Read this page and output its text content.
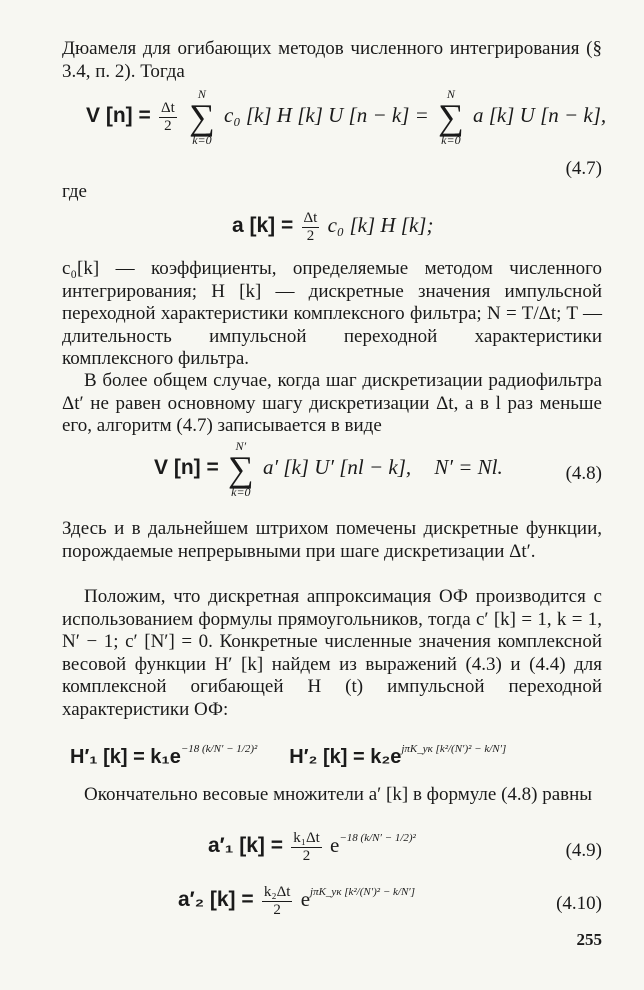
Дюамеля для огибающих методов численного интегрирования (§ 3.4, п. 2). Тогда

V $[n] = \frac{\Delta t}{2}$

N
∑
k=0
c₀ [k] H [k] U [n − k] =
N
∑
k=0
a [k] U [n − k],
(4.7)
где
a $[k] = \frac{\Delta t}{2} c_0$ [k] H [k];

c₀[k] — коэффициенты, определяемые методом численного интегрирования; H [k] — дискретные значения импульсной переходной характеристики комплексного фильтра; N = T/Δt; T — длительность импульсной переходной характеристики комплексного фильтра.

В более общем случае, когда шаг дискретизации радиофильтра Δt′ не равен основному шагу дискретизации Δt, а в l раз меньше его, алгоритм (4.7) записывается в виде

V [n] =
N′
∑
k=0
a′ [k] U′ [nl − k], N′ = Nl.	(4.8)

Здесь и в дальнейшем штрихом помечены дискретные функции, порождаемые непрерывными при шаге дискретизации Δt′.

Положим, что дискретная аппроксимация ОФ производится с использованием формулы прямоугольников, тогда c′ [k] = 1, k = 1, N′ − 1; c′ [N′] = 0. Конкретные численные значения комплексной весовой функции H′ [k] найдем из выражений (4.3) и (4.4) для комплексной огибающей H (t) импульсной переходной характеристики ОФ:

H′₁ $[k] = k_1e^{-18 (k/N' - 1/2)^2}$ H′₂ $[k] = k_2e^{j\pi K\_ук [k^2/(N')^2 - k/N']}$

Окончательно весовые множители a′ [k] в формуле (4.8) равны

a′₁ $[k] = \frac{\text{k₁Δt}}{2} e^{-18 (k/N' - 1/2)^2}$
(4.9)
a′₂ $[k] = \frac{\text{k₂Δt}}{2} e^{j\pi K\_ук [k^2/(N')^2 - k/N']}$
(4.10)
255
